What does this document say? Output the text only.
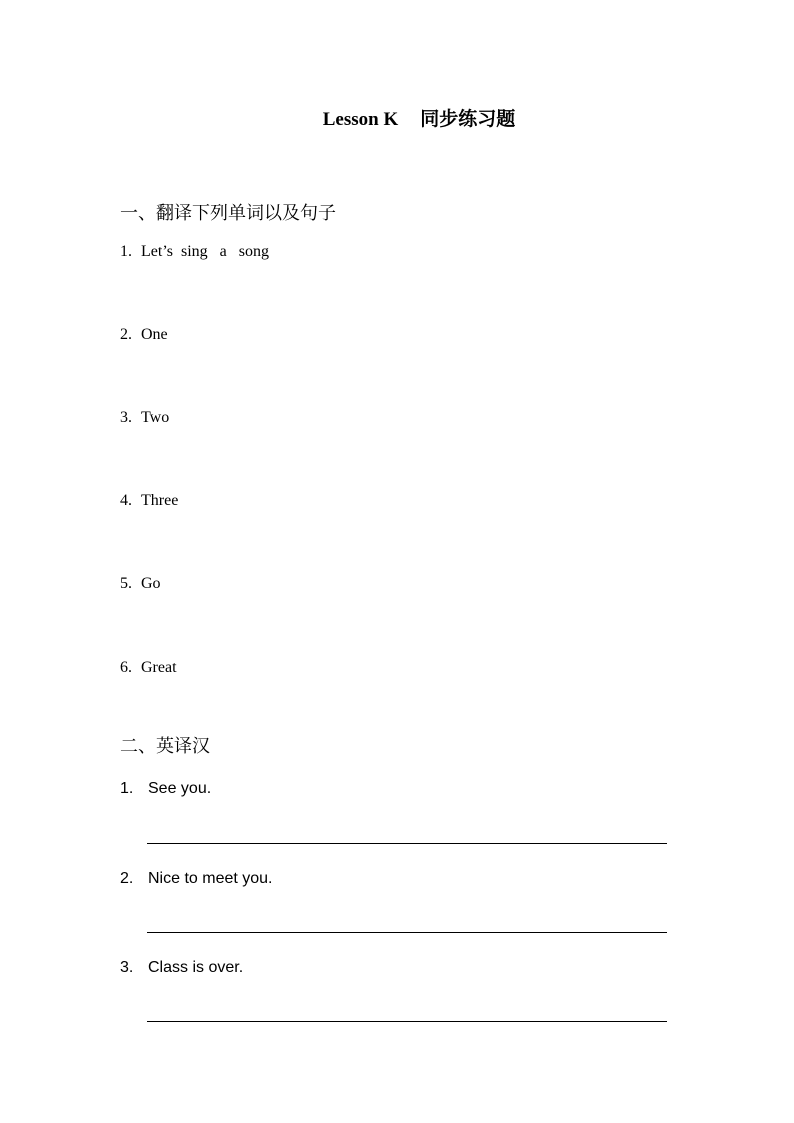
Lesson K 同步练习题
一、翻译下列单词以及句子
1. Let’s  sing   a   song
2. One
3. Two
4. Three
5. Go
6. Great
二、英译汉
1. See you.
2. Nice to meet you.
3. Class is over.
